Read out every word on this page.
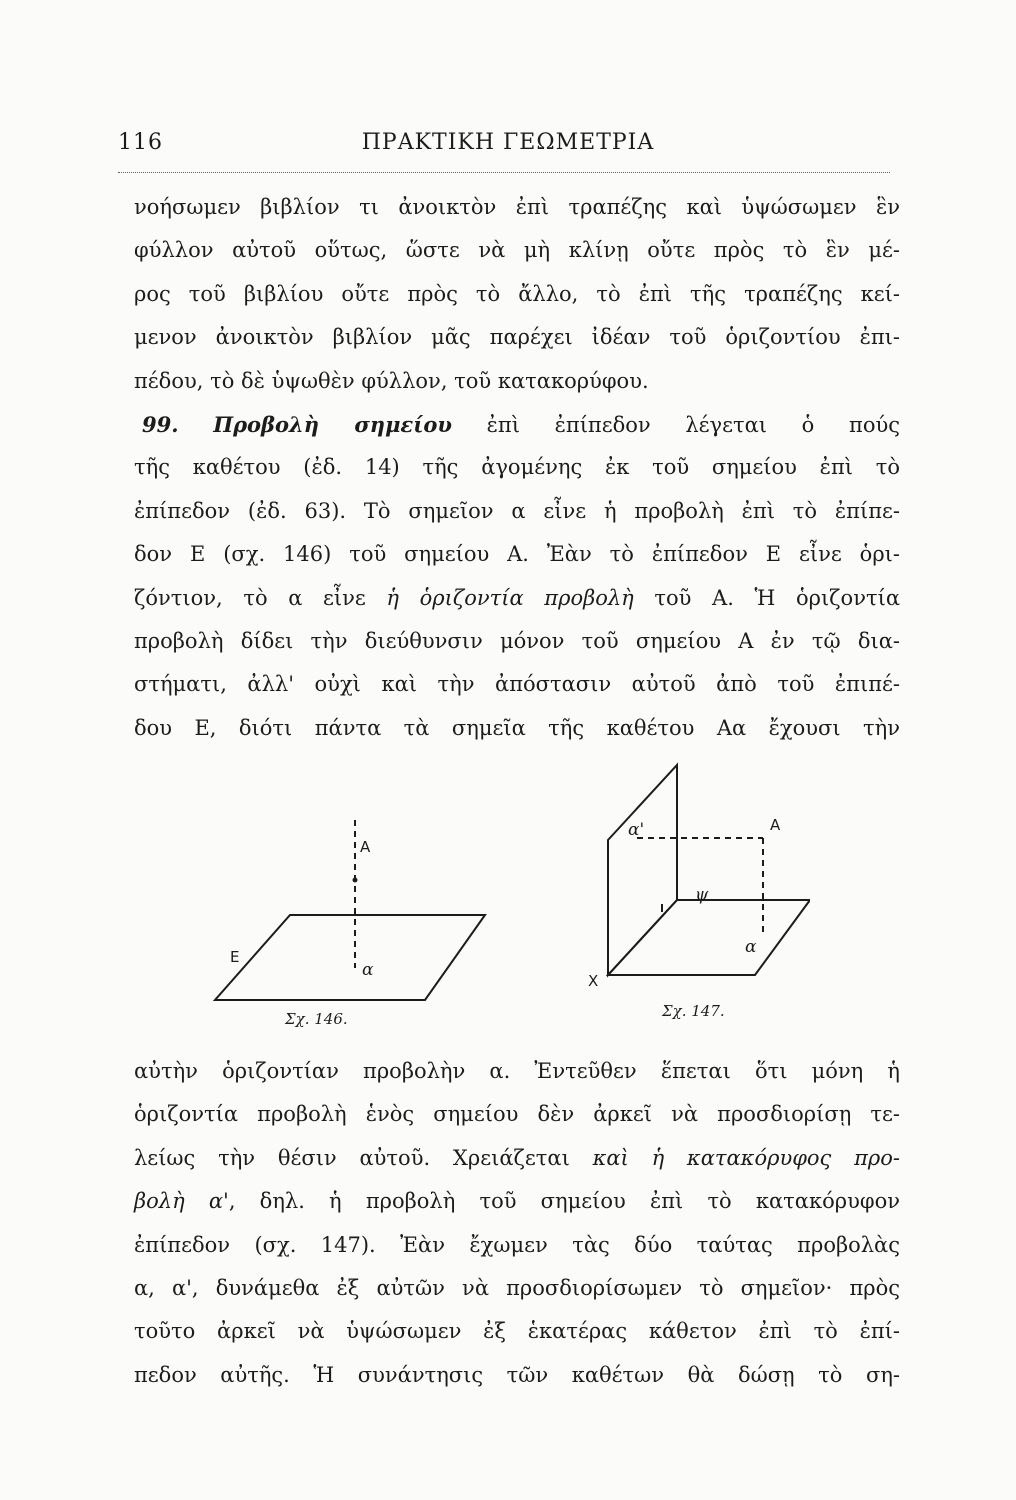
116	ΠΡΑΚΤΙΚΗ ΓΕΩΜΕΤΡΙΑ
νοήσωμεν βιβλίον τι ἀνοικτὸν ἐπὶ τραπέζης καὶ ὑψώσωμεν ἓν
φύλλον αὐτοῦ οὕτως, ὥστε νὰ μὴ κλίνῃ οὔτε πρὸς τὸ ἓν μέ-
ρος τοῦ βιβλίου οὔτε πρὸς τὸ ἄλλο, τὸ ἐπὶ τῆς τραπέζης κεί-
μενον ἀνοικτὸν βιβλίον μᾶς παρέχει ἰδέαν τοῦ ὁριζοντίου ἐπι-
πέδου, τὸ δὲ ὑψωθὲν φύλλον, τοῦ κατακορύφου.
99. Προβολὴ σημείου ἐπὶ ἐπίπεδον λέγεται ὁ πούς
τῆς καθέτου (ἐδ. 14) τῆς ἀγομένης ἐκ τοῦ σημείου ἐπὶ τὸ
ἐπίπεδον (ἐδ. 63). Τὸ σημεῖον α εἶνε ἡ προβολὴ ἐπὶ τὸ ἐπίπε-
δον Ε (σχ. 146) τοῦ σημείου Α. Ἐὰν τὸ ἐπίπεδον Ε εἶνε ὁρι-
ζόντιον, τὸ α εἶνε ἡ ὁριζοντία προβολὴ τοῦ Α. Ἡ ὁριζοντία
προβολὴ δίδει τὴν διεύθυνσιν μόνον τοῦ σημείου Α ἐν τῷ δια-
στήματι, ἀλλ' οὐχὶ καὶ τὴν ἀπόστασιν αὐτοῦ ἀπὸ τοῦ ἐπιπέ-
δου Ε, διότι πάντα τὰ σημεῖα τῆς καθέτου Αα ἔχουσι τὴν
Α
Ε
α
α'	Α
ψ
α
Χ
Σχ. 146.	Σχ. 147.
αὐτὴν ὁριζοντίαν προβολὴν α. Ἐντεῦθεν ἕπεται ὅτι μόνη ἡ
ὁριζοντία προβολὴ ἑνὸς σημείου δὲν ἀρκεῖ νὰ προσδιορίσῃ τε-
λείως τὴν θέσιν αὐτοῦ. Χρειάζεται καὶ ἡ κατακόρυφος προ-
βολὴ α', δηλ. ἡ προβολὴ τοῦ σημείου ἐπὶ τὸ κατακόρυφον
ἐπίπεδον (σχ. 147). Ἐὰν ἔχωμεν τὰς δύο ταύτας προβολὰς
α, α', δυνάμεθα ἐξ αὐτῶν νὰ προσδιορίσωμεν τὸ σημεῖον· πρὸς
τοῦτο ἀρκεῖ νὰ ὑψώσωμεν ἐξ ἑκατέρας κάθετον ἐπὶ τὸ ἐπί-
πεδον αὐτῆς. Ἡ συνάντησις τῶν καθέτων θὰ δώσῃ τὸ ση-
